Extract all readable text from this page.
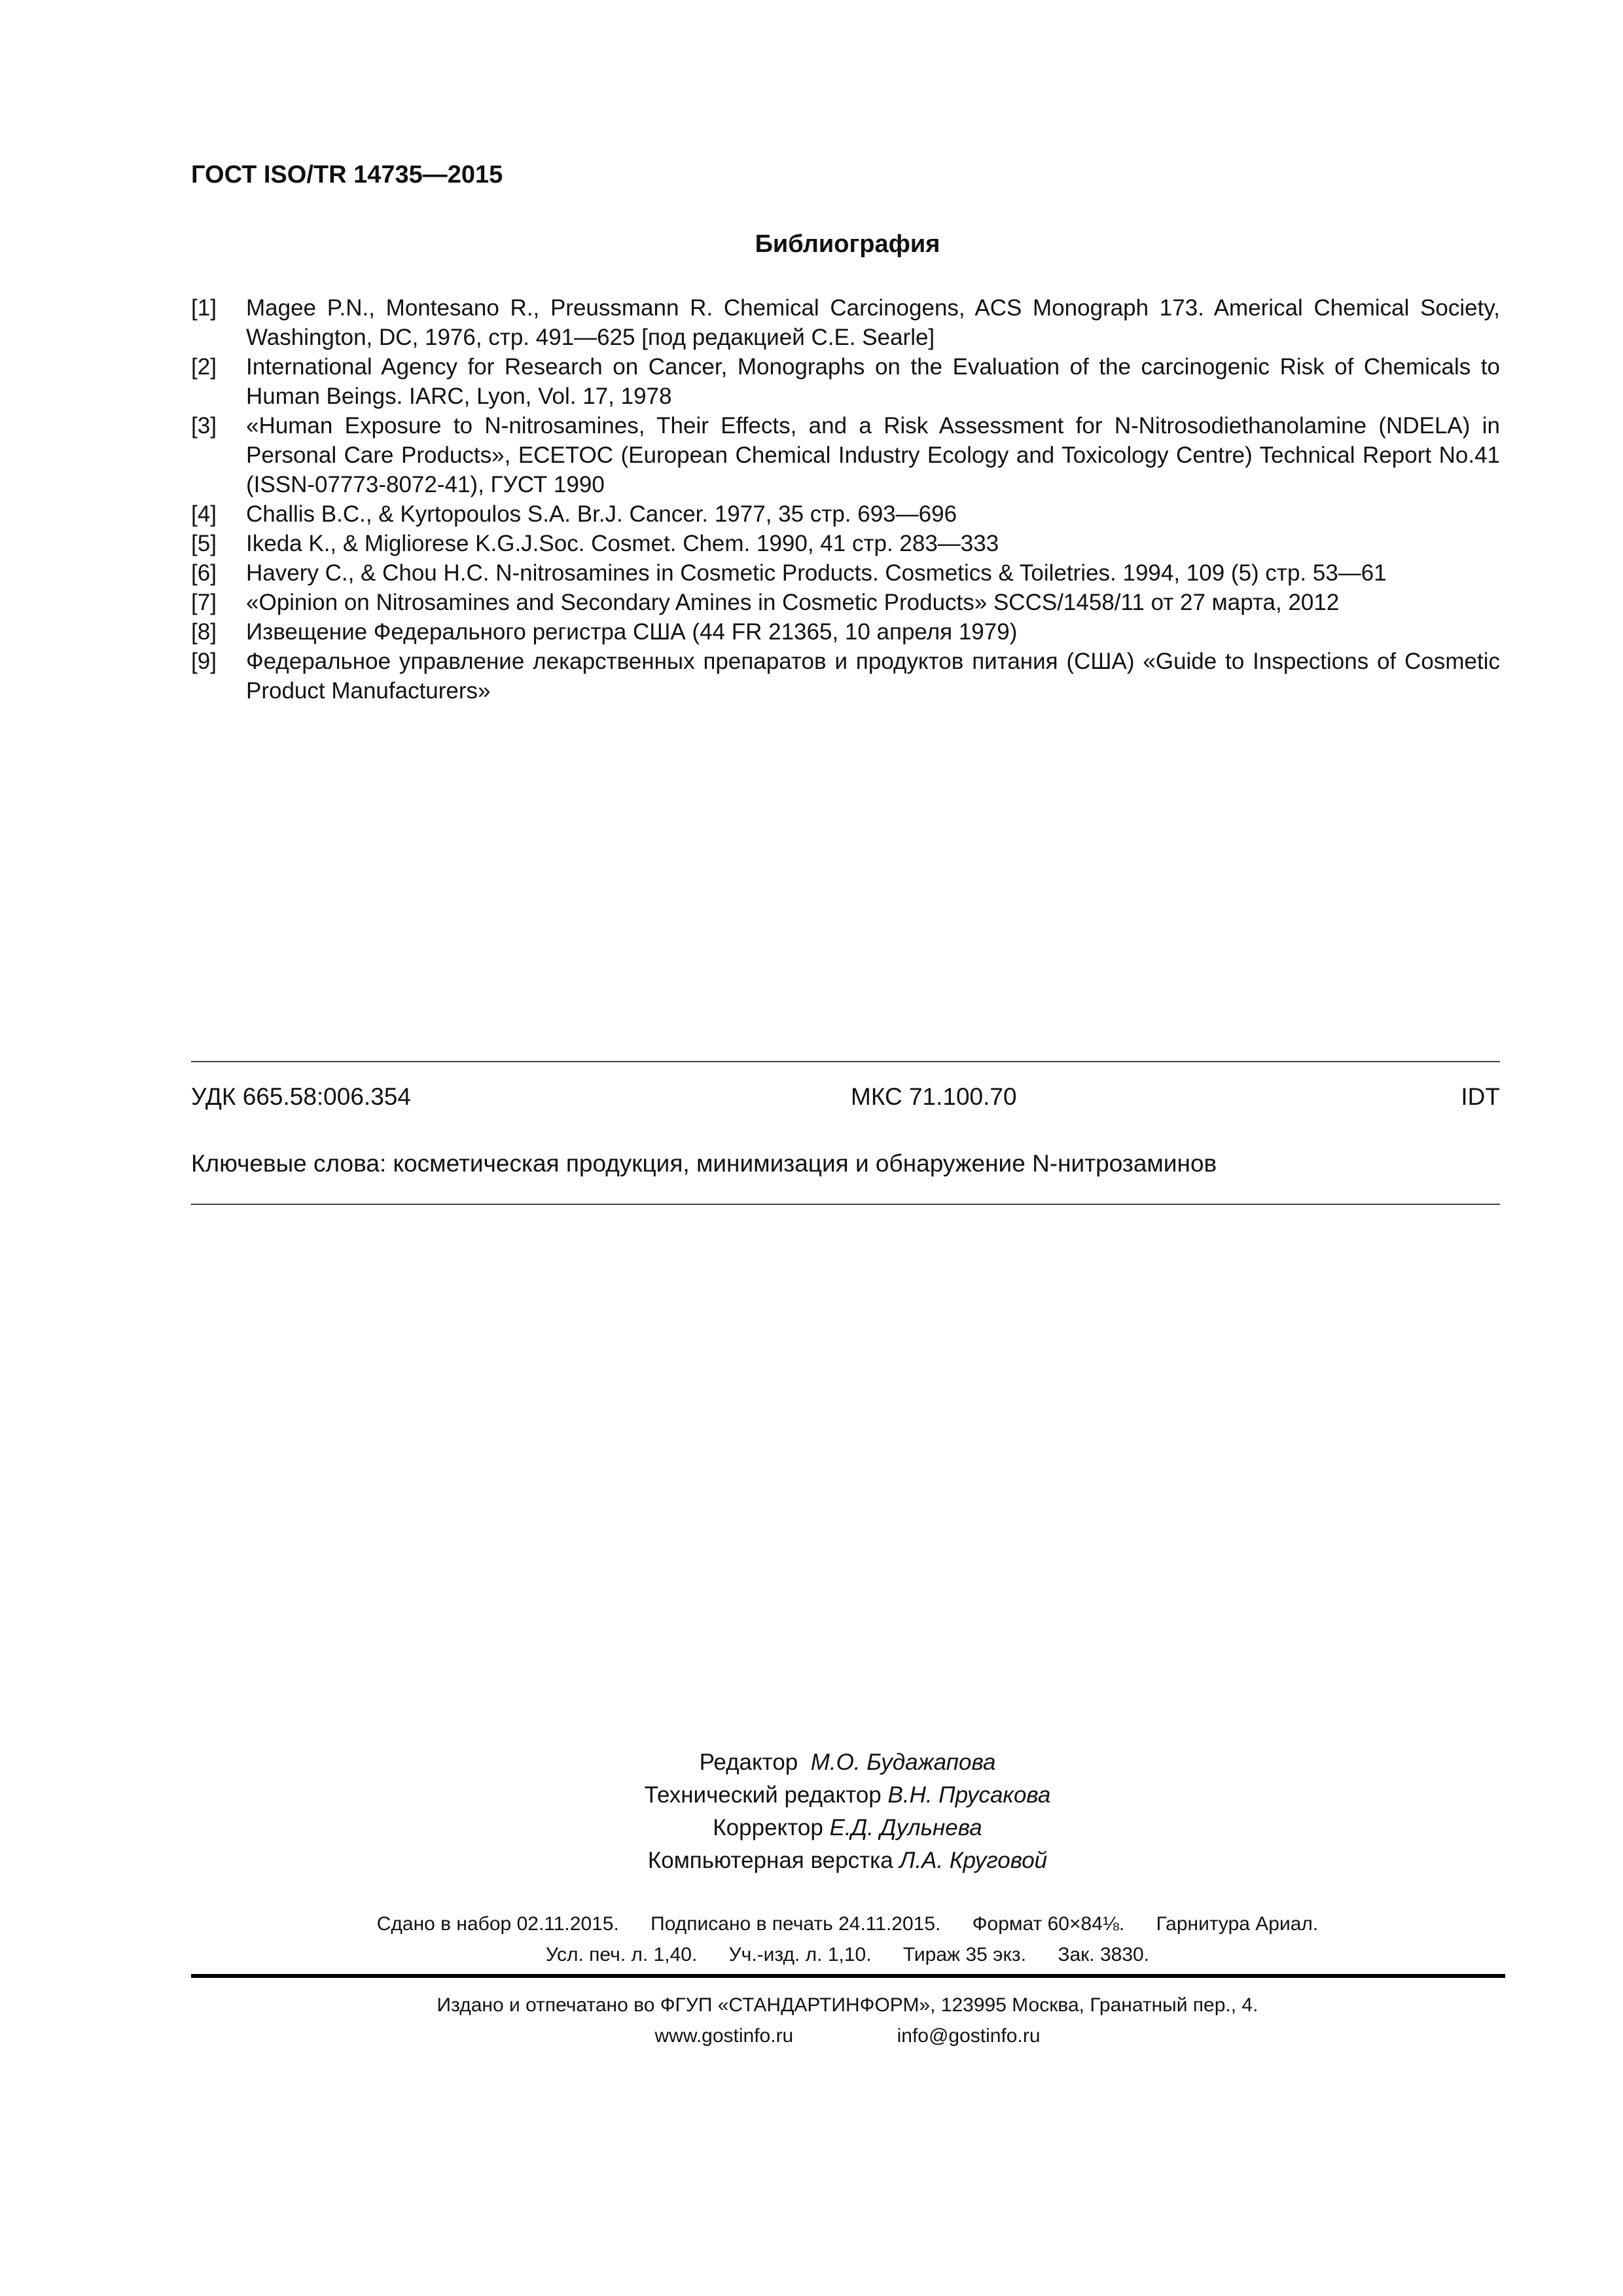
ГОСТ ISO/TR 14735—2015
Библиография
[1] Magee P.N., Montesano R., Preussmann R. Chemical Carcinogens, ACS Monograph 173. Americal Chemical Society, Washington, DC, 1976, стр. 491—625 [под редакцией C.E. Searle]
[2] International Agency for Research on Cancer, Monographs on the Evaluation of the carcinogenic Risk of Chemicals to Human Beings. IARC, Lyon, Vol. 17, 1978
[3] «Human Exposure to N-nitrosamines, Their Effects, and a Risk Assessment for N-Nitrosodiethanolamine (NDELA) in Personal Care Products», ECETOC (European Chemical Industry Ecology and Toxicology Centre) Technical Report No.41 (ISSN-07773-8072-41), ГУСТ 1990
[4] Challis B.C., & Kyrtopoulos S.A. Br.J. Cancer. 1977, 35 стр. 693—696
[5] Ikeda K., & Migliorese K.G.J.Soc. Cosmet. Chem. 1990, 41 стр. 283—333
[6] Havery C., & Chou H.C. N-nitrosamines in Cosmetic Products. Cosmetics & Toiletries. 1994, 109 (5) стр. 53—61
[7] «Opinion on Nitrosamines and Secondary Amines in Cosmetic Products» SCCS/1458/11 от 27 марта, 2012
[8] Извещение Федерального регистра США (44 FR 21365, 10 апреля 1979)
[9] Федеральное управление лекарственных препаратов и продуктов питания (США) «Guide to Inspections of Cosmetic Product Manufacturers»
УДК 665.58:006.354	МКС 71.100.70	IDT
Ключевые слова: косметическая продукция, минимизация и обнаружение N-нитрозаминов
Редактор М.О. Будажапова
Технический редактор В.Н. Прусакова
Корректор Е.Д. Дульнева
Компьютерная верстка Л.А. Круговой
Сдано в набор 02.11.2015. Подписано в печать 24.11.2015. Формат 60×84⅛. Гарнитура Ариал.
Усл. печ. л. 1,40. Уч.-изд. л. 1,10. Тираж 35 экз. Зак. 3830.
Издано и отпечатано во ФГУП «СТАНДАРТИНФОРМ», 123995 Москва, Гранатный пер., 4.
www.gostinfo.ru	info@gostinfo.ru
